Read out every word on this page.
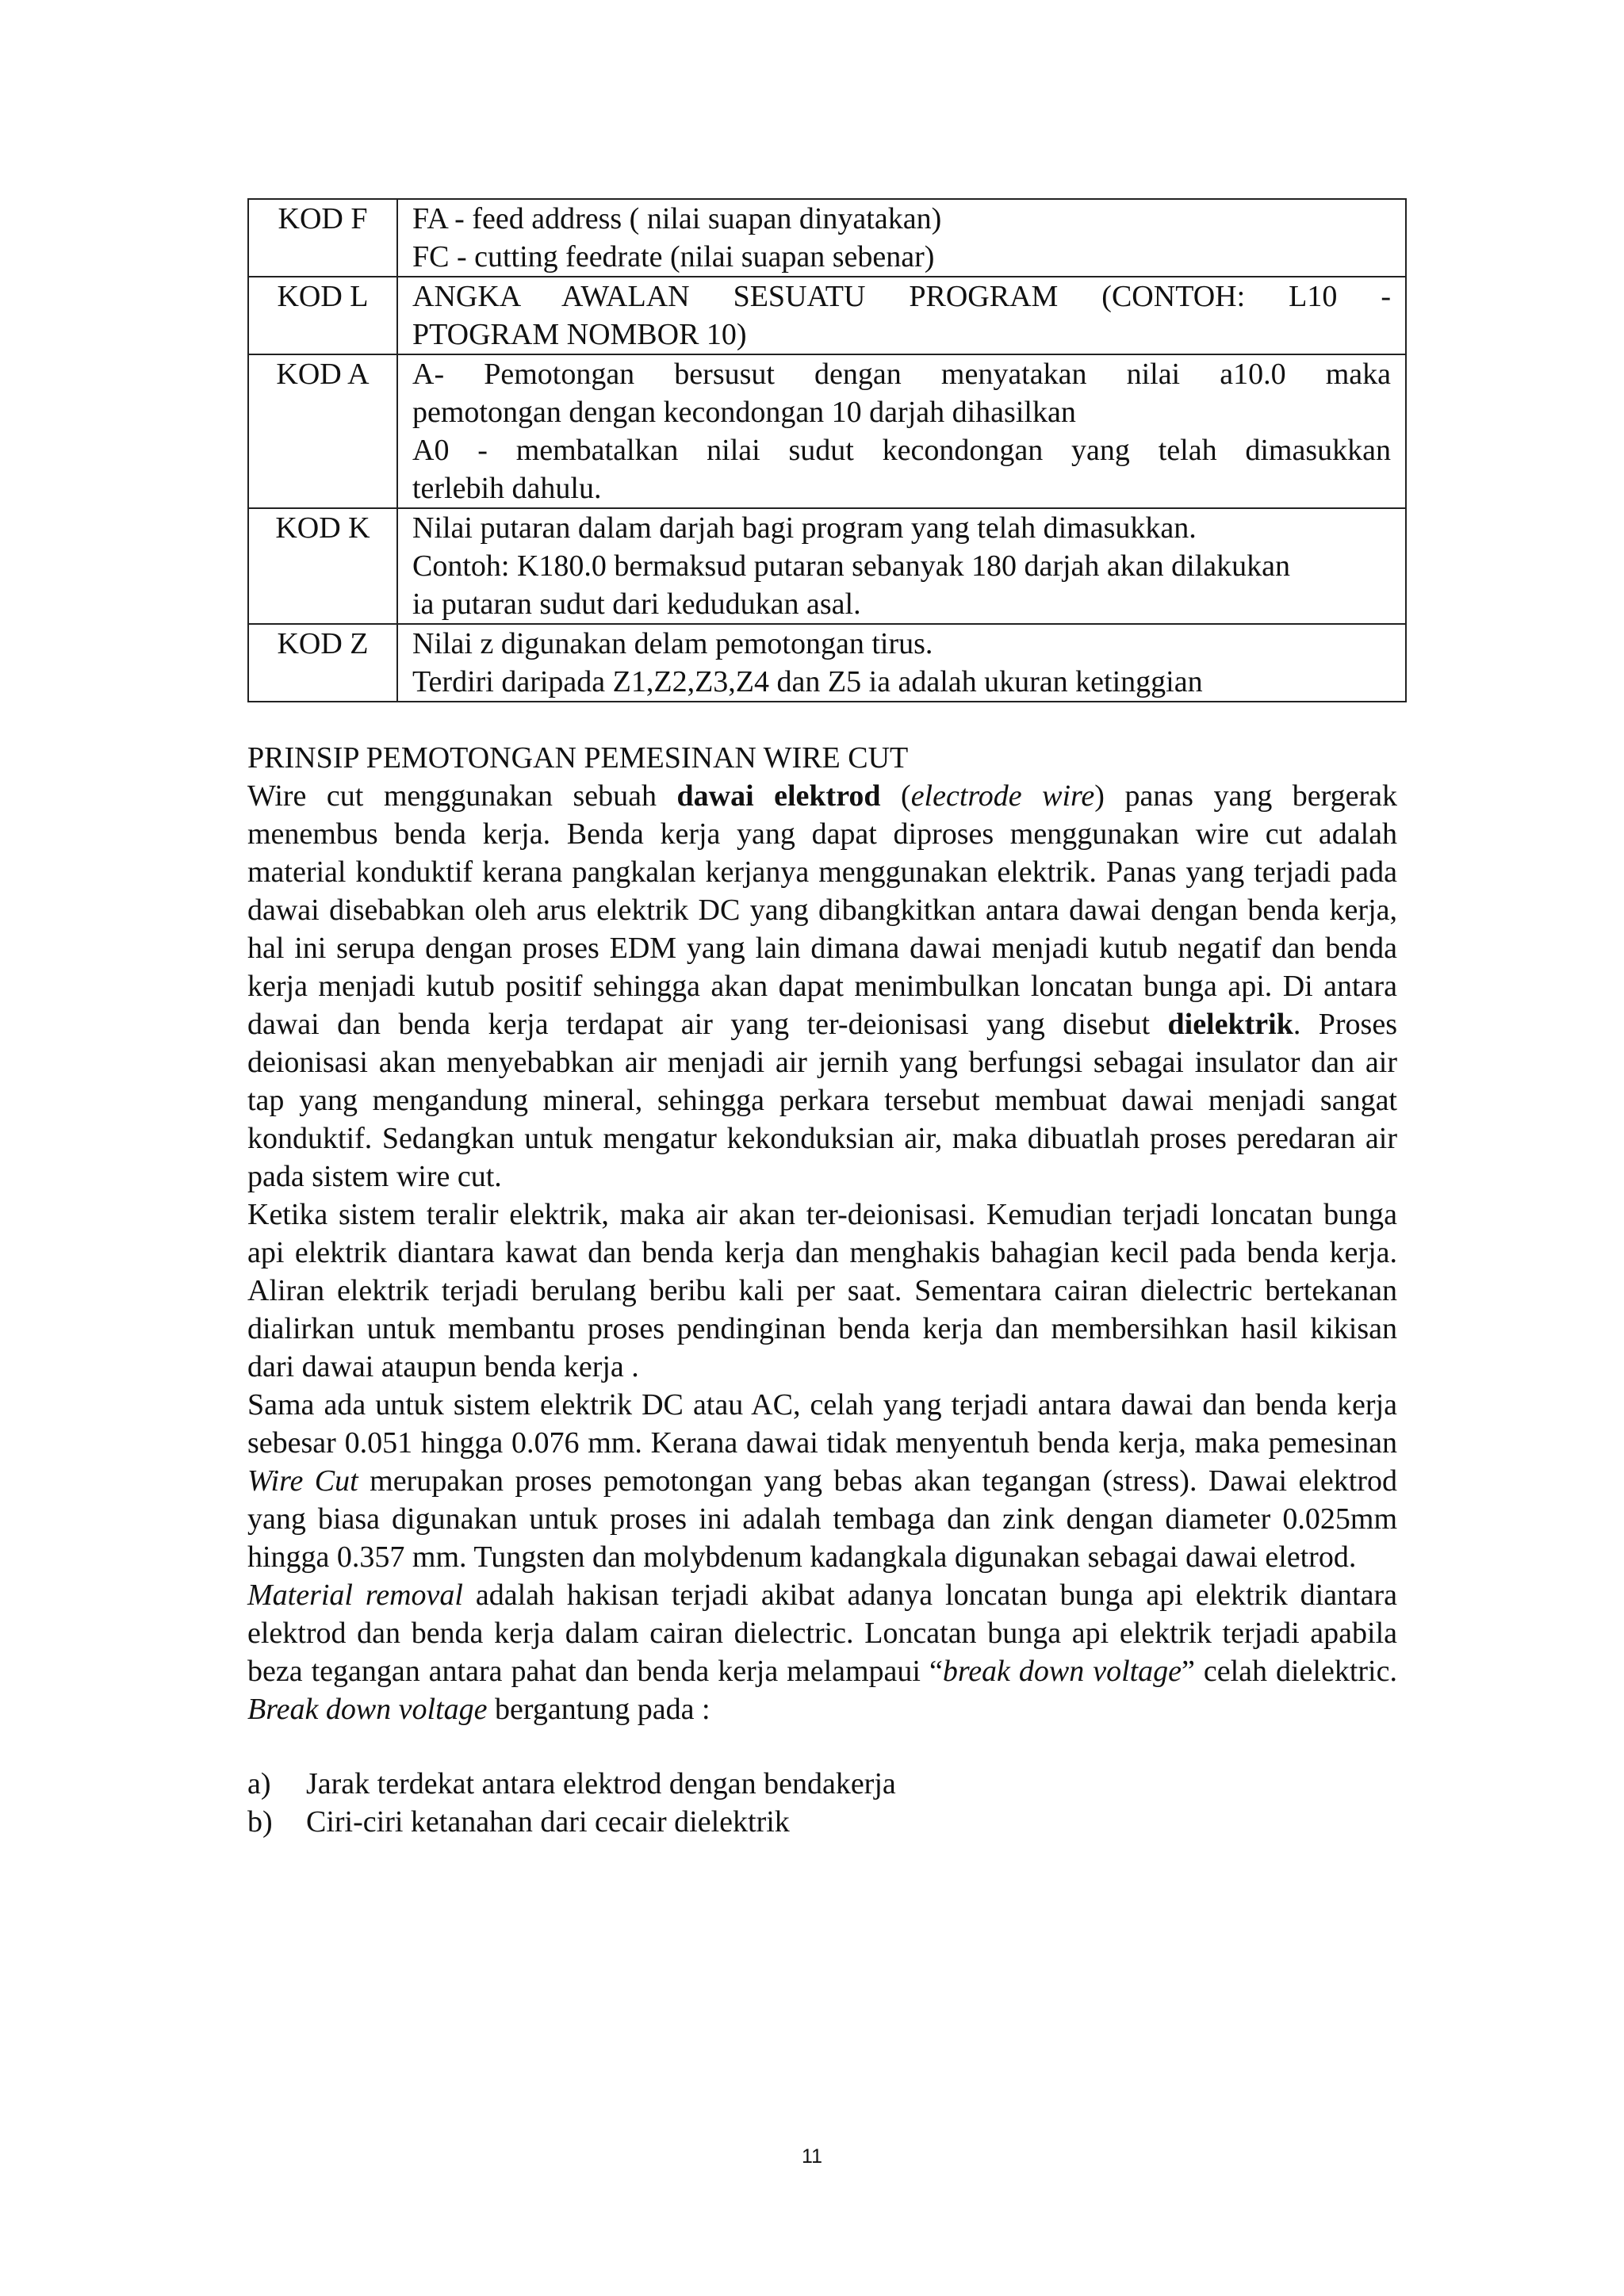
KOD F	FA - feed address ( nilai suapan dinyatakan)
FC - cutting feedrate (nilai suapan sebenar)

KOD L	ANGKA AWALAN SESUATU PROGRAM (CONTOH: L10 -
PTOGRAM NOMBOR 10)

KOD A	A- Pemotongan bersusut dengan menyatakan nilai a10.0 maka
pemotongan dengan kecondongan 10 darjah dihasilkan
A0 - membatalkan nilai sudut kecondongan yang telah dimasukkan
terlebih dahulu.

KOD K	Nilai putaran dalam darjah bagi program yang telah dimasukkan.
Contoh: K180.0 bermaksud putaran sebanyak 180 darjah akan dilakukan
ia putaran sudut dari kedudukan asal.

KOD Z	Nilai z digunakan delam pemotongan tirus.
Terdiri daripada Z1,Z2,Z3,Z4 dan Z5 ia adalah ukuran ketinggian
PRINSIP PEMOTONGAN PEMESINAN WIRE CUT

Wire cut menggunakan sebuah dawai elektrod (electrode wire) panas yang bergerak menembus benda kerja. Benda kerja yang dapat diproses menggunakan wire cut adalah material konduktif kerana pangkalan kerjanya menggunakan elektrik. Panas yang terjadi pada dawai disebabkan oleh arus elektrik DC yang dibangkitkan antara dawai dengan benda kerja, hal ini serupa dengan proses EDM yang lain dimana dawai menjadi kutub negatif dan benda kerja menjadi kutub positif sehingga akan dapat menimbulkan loncatan bunga api. Di antara dawai dan benda kerja terdapat air yang ter-deionisasi yang disebut dielektrik. Proses deionisasi akan menyebabkan air menjadi air jernih yang berfungsi sebagai insulator dan air tap yang mengandung mineral, sehingga perkara tersebut membuat dawai menjadi sangat konduktif. Sedangkan untuk mengatur kekonduksian air, maka dibuatlah proses peredaran air pada sistem wire cut.

Ketika sistem teralir elektrik, maka air akan ter-deionisasi. Kemudian terjadi loncatan bunga api elektrik diantara kawat dan benda kerja dan menghakis bahagian kecil pada benda kerja. Aliran elektrik terjadi berulang beribu kali per saat. Sementara cairan dielectric bertekanan dialirkan untuk membantu proses pendinginan benda kerja dan membersihkan hasil kikisan dari dawai ataupun benda kerja .

Sama ada untuk sistem elektrik DC atau AC, celah yang terjadi antara dawai dan benda kerja sebesar 0.051 hingga 0.076 mm. Kerana dawai tidak menyentuh benda kerja, maka pemesinan Wire Cut merupakan proses pemotongan yang bebas akan tegangan (stress). Dawai elektrod yang biasa digunakan untuk proses ini adalah tembaga dan zink dengan diameter 0.025mm hingga 0.357 mm. Tungsten dan molybdenum kadangkala digunakan sebagai dawai eletrod.

Material removal adalah hakisan terjadi akibat adanya loncatan bunga api elektrik diantara elektrod dan benda kerja dalam cairan dielectric. Loncatan bunga api elektrik terjadi apabila beza tegangan antara pahat dan benda kerja melampaui “break down voltage” celah dielektric. Break down voltage bergantung pada :

a)	Jarak terdekat antara elektrod dengan bendakerja
b)	Ciri-ciri ketanahan dari cecair dielektrik
11
